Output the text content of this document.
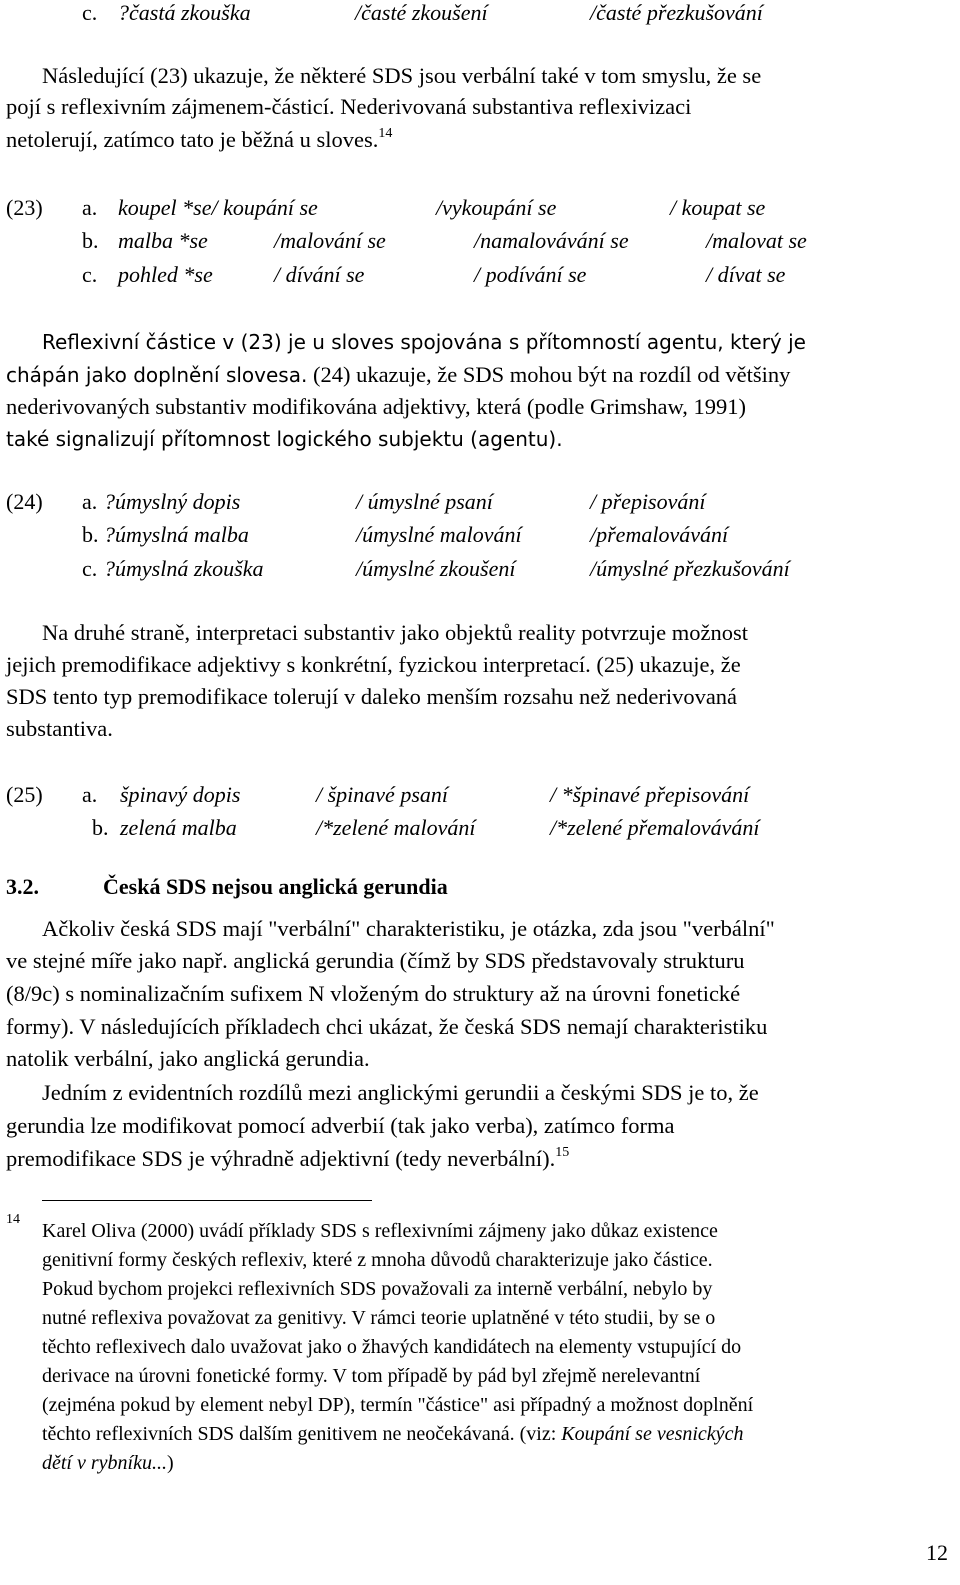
c. ?častá zkouška	/časté zkoušení	/časté přezkušování
Následující (23) ukazuje, že některé SDS jsou verbální také v tom smyslu, že se
pojí s reflexivním zájmenem-částicí. Nederivovaná substantiva reflexivizaci
netolerují, zatímco tato je běžná u sloves.$^{14}$
(23) a. koupel *se/ koupání se	/vykoupání se	/ koupat se
b. malba *se	/malování se	/namalovávání se	/malovat se
c. pohled *se	/ dívání se	/ podívání se	/ dívat se
Reflexivní částice v (23) je u sloves spojována s přítomností agentu, který je
chápán jako doplnění slovesa. (24) ukazuje, že SDS mohou být na rozdíl od většiny
nederivovaných substantiv modifikována adjektivy, která (podle Grimshaw, 1991)
také signalizují přítomnost logického subjektu (agentu).
(24) a. ?úmyslný dopis	/ úmyslné psaní	/ přepisování
b. ?úmyslná malba	/úmyslné malování	/přemalovávání
c. ?úmyslná zkouška	/úmyslné zkoušení	/úmyslné přezkušování
Na druhé straně, interpretaci substantiv jako objektů reality potvrzuje možnost
jejich premodifikace adjektivy s konkrétní, fyzickou interpretací. (25) ukazuje, že
SDS tento typ premodifikace tolerují v daleko menším rozsahu než nederivovaná
substantiva.
(25) a. špinavý dopis	/ špinavé psaní	/ *špinavé přepisování
b. zelená malba	/*zelené malování	/*zelené přemalovávání
3.2.	Česká SDS nejsou anglická gerundia
Ačkoliv česká SDS mají "verbální" charakteristiku, je otázka, zda jsou "verbální"
ve stejné míře jako např. anglická gerundia (čímž by SDS představovaly strukturu
(8/9c) s nominalizačním sufixem N vloženým do struktury až na úrovni fonetické
formy). V následujících příkladech chci ukázat, že česká SDS nemají charakteristiku
natolik verbální, jako anglická gerundia.
Jedním z evidentních rozdílů mezi anglickými gerundii a českými SDS je to, že
gerundia lze modifikovat pomocí adverbií (tak jako verba), zatímco forma
premodifikace SDS je výhradně adjektivní (tedy neverbální).$^{15}$
14
Karel Oliva (2000) uvádí příklady SDS s reflexivními zájmeny jako důkaz existence
genitivní formy českých reflexiv, které z mnoha důvodů charakterizuje jako částice.
Pokud bychom projekci reflexivních SDS považovali za interně verbální, nebylo by
nutné reflexiva považovat za genitivy. V rámci teorie uplatněné v této studii, by se o
těchto reflexivech dalo uvažovat jako o žhavých kandidátech na elementy vstupující do
derivace na úrovni fonetické formy. V tom případě by pád byl zřejmě nerelevantní
(zejména pokud by element nebyl DP), termín "částice" asi případný a možnost doplnění
těchto reflexivních SDS dalším genitivem ne neočekávaná. (viz: Koupání se vesnických
dětí v rybníku...)
12
